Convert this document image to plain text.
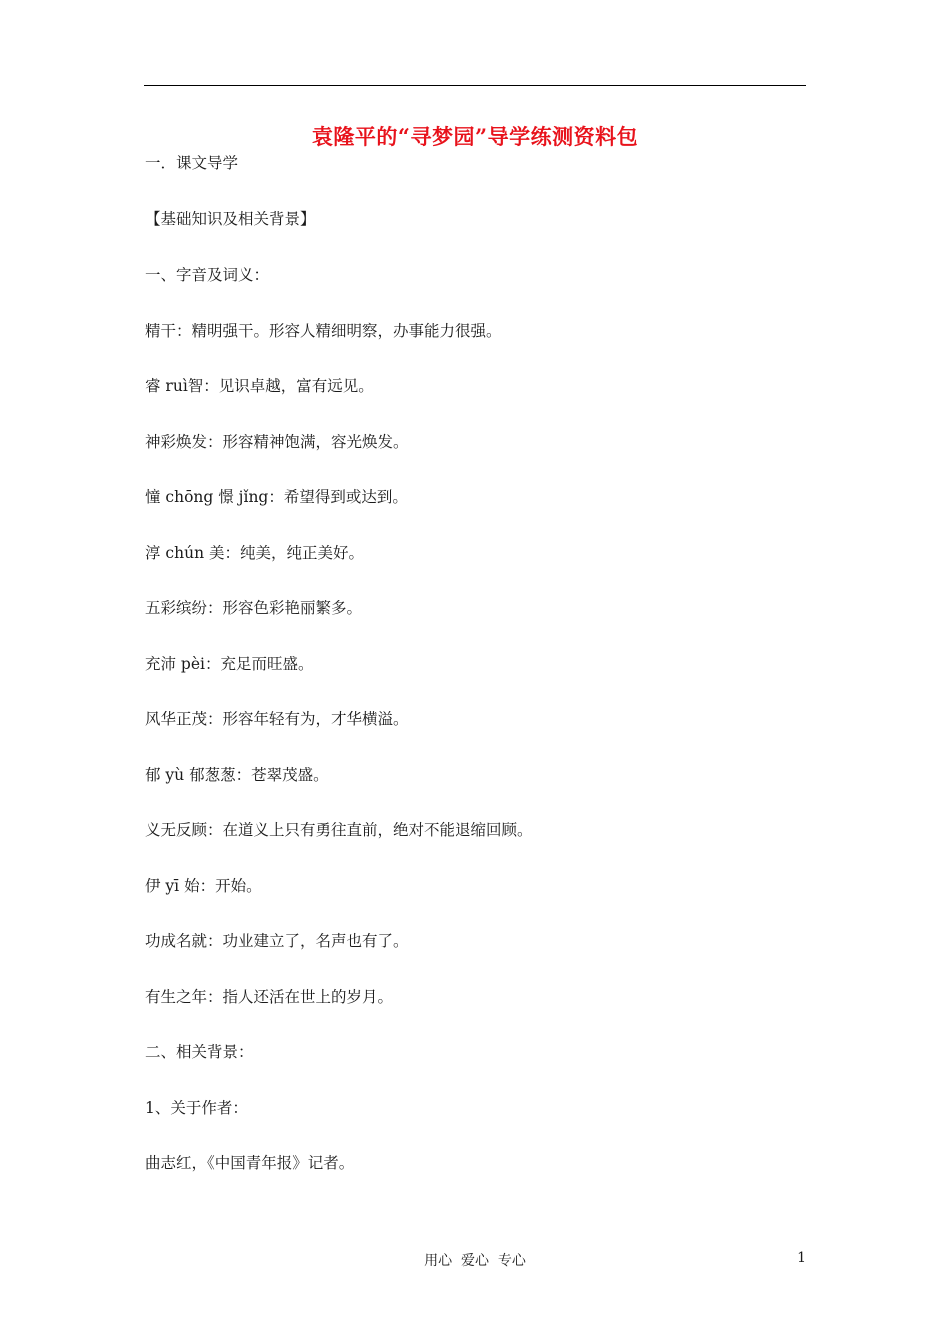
袁隆平的“寻梦园”导学练测资料包
一．课文导学
【基础知识及相关背景】
一、字音及词义：
精干：精明强干。形容人精细明察，办事能力很强。
睿 ruì智：见识卓越，富有远见。
神彩焕发：形容精神饱满，容光焕发。
憧 chōng 憬 jǐng：希望得到或达到。
淳 chún 美：纯美，纯正美好。
五彩缤纷：形容色彩艳丽繁多。
充沛 pèi：充足而旺盛。
风华正茂：形容年轻有为，才华横溢。
郁 yù 郁葱葱：苍翠茂盛。
义无反顾：在道义上只有勇往直前，绝对不能退缩回顾。
伊 yī 始：开始。
功成名就：功业建立了，名声也有了。
有生之年：指人还活在世上的岁月。
二、相关背景：
1、关于作者：
曲志红，《中国青年报》记者。
用心  爱心  专心	1
